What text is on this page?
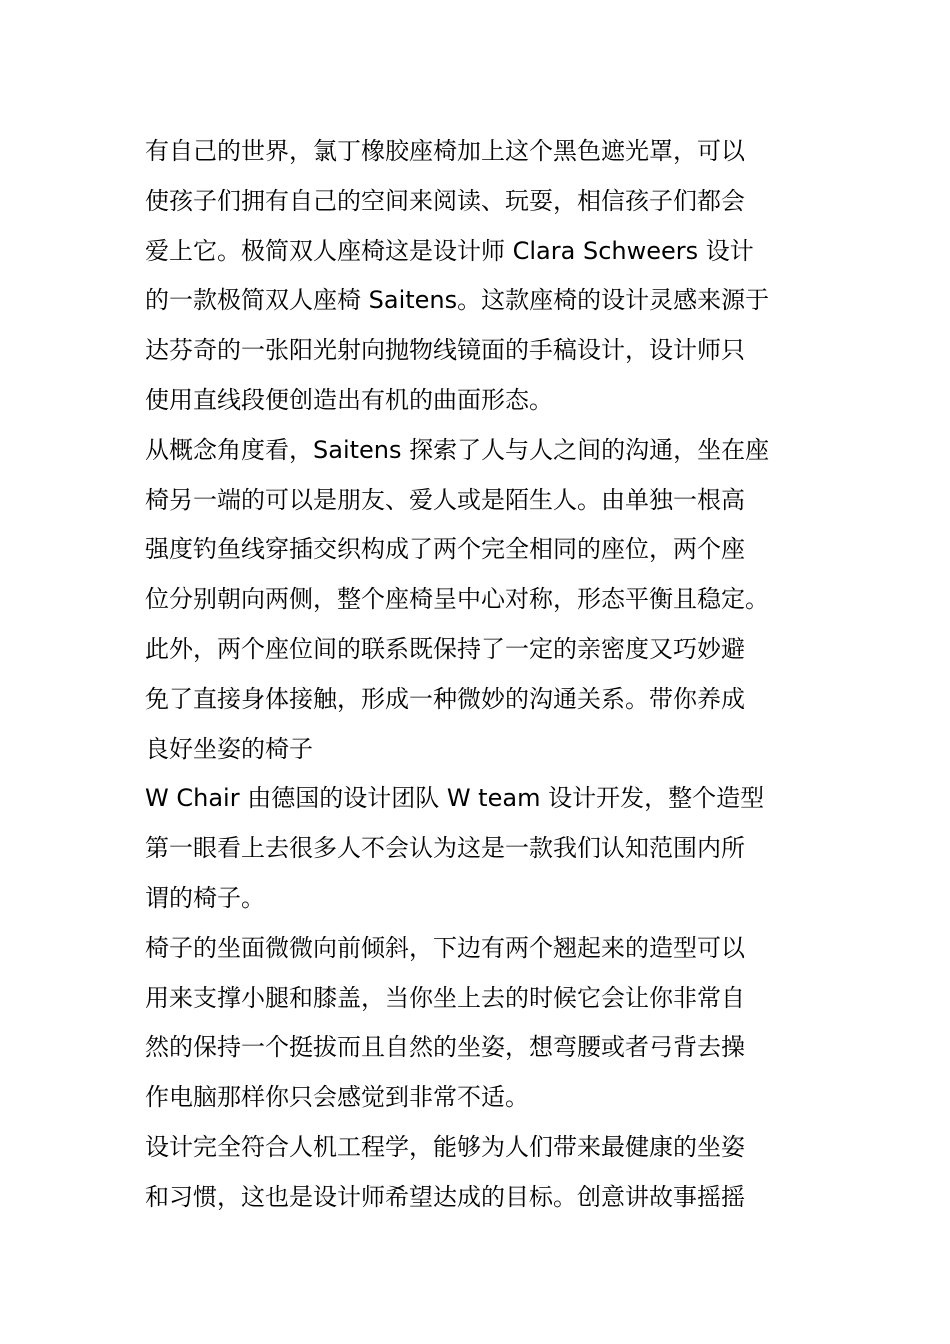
有自己的世界，氯丁橡胶座椅加上这个黑色遮光罩，可以
使孩子们拥有自己的空间来阅读、玩耍，相信孩子们都会
爱上它。极简双人座椅这是设计师 Clara Schweers 设计
的一款极简双人座椅 Saitens。这款座椅的设计灵感来源于
达芬奇的一张阳光射向抛物线镜面的手稿设计，设计师只
使用直线段便创造出有机的曲面形态。
从概念角度看，Saitens 探索了人与人之间的沟通，坐在座
椅另一端的可以是朋友、爱人或是陌生人。由单独一根高
强度钓鱼线穿插交织构成了两个完全相同的座位，两个座
位分别朝向两侧，整个座椅呈中心对称，形态平衡且稳定。
此外，两个座位间的联系既保持了一定的亲密度又巧妙避
免了直接身体接触，形成一种微妙的沟通关系。带你养成
良好坐姿的椅子
W Chair 由德国的设计团队 W team 设计开发，整个造型
第一眼看上去很多人不会认为这是一款我们认知范围内所
谓的椅子。
椅子的坐面微微向前倾斜，下边有两个翘起来的造型可以
用来支撑小腿和膝盖，当你坐上去的时候它会让你非常自
然的保持一个挺拔而且自然的坐姿，想弯腰或者弓背去操
作电脑那样你只会感觉到非常不适。
设计完全符合人机工程学，能够为人们带来最健康的坐姿
和习惯，这也是设计师希望达成的目标。创意讲故事摇摇
